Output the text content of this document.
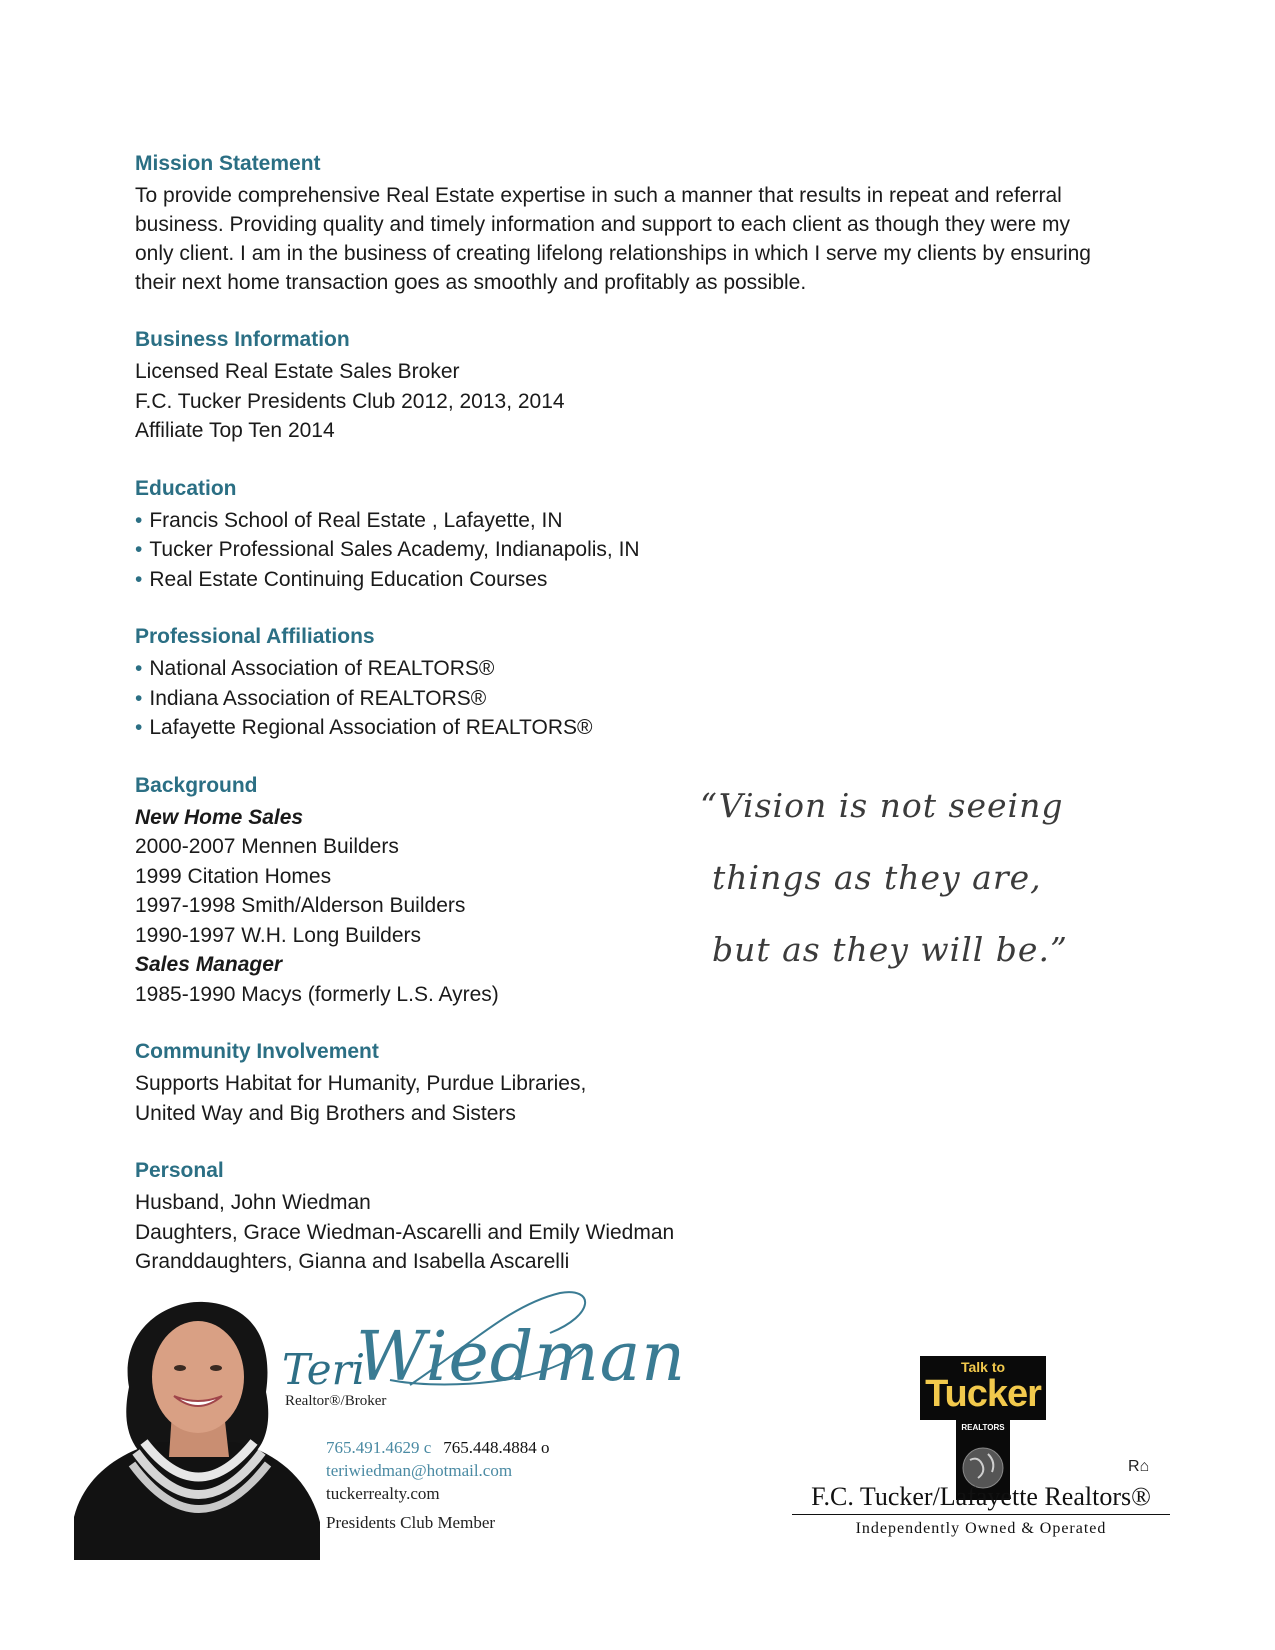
Mission Statement

To provide comprehensive Real Estate expertise in such a manner that results in repeat and referral business. Providing quality and timely information and support to each client as though they were my only client. I am in the business of creating lifelong relationships in which I serve my clients by ensuring their next home transaction goes as smoothly and profitably as possible.

Business Information
Licensed Real Estate Sales Broker
F.C. Tucker Presidents Club 2012, 2013, 2014
Affiliate Top Ten 2014
Education
• Francis School of Real Estate , Lafayette, IN
• Tucker Professional Sales Academy, Indianapolis, IN
• Real Estate Continuing Education Courses
Professional Affiliations
• National Association of REALTORS®
• Indiana Association of REALTORS®
• Lafayette Regional Association of REALTORS®
Background
New Home Sales
2000-2007 Mennen Builders
1999 Citation Homes
1997-1998 Smith/Alderson Builders
1990-1997 W.H. Long Builders
Sales Manager
1985-1990 Macys (formerly L.S. Ayres)
Community Involvement
Supports Habitat for Humanity, Purdue Libraries,
United Way and Big Brothers and Sisters
Personal
Husband, John Wiedman
Daughters, Grace Wiedman-Ascarelli and Emily Wiedman
Granddaughters, Gianna and Isabella Ascarelli
“Vision is not seeing
things as they are,
but as they will be.”
Teri
Wiedman
Realtor®/Broker
765.491.4629 c 765.448.4884 o
teriwiedman@hotmail.com
tuckerrealty.com
Presidents Club Member
Talk to
Tucker
REALTORS
R⌂
F.C. Tucker/Lafayette Realtors®
Independently Owned & Operated
